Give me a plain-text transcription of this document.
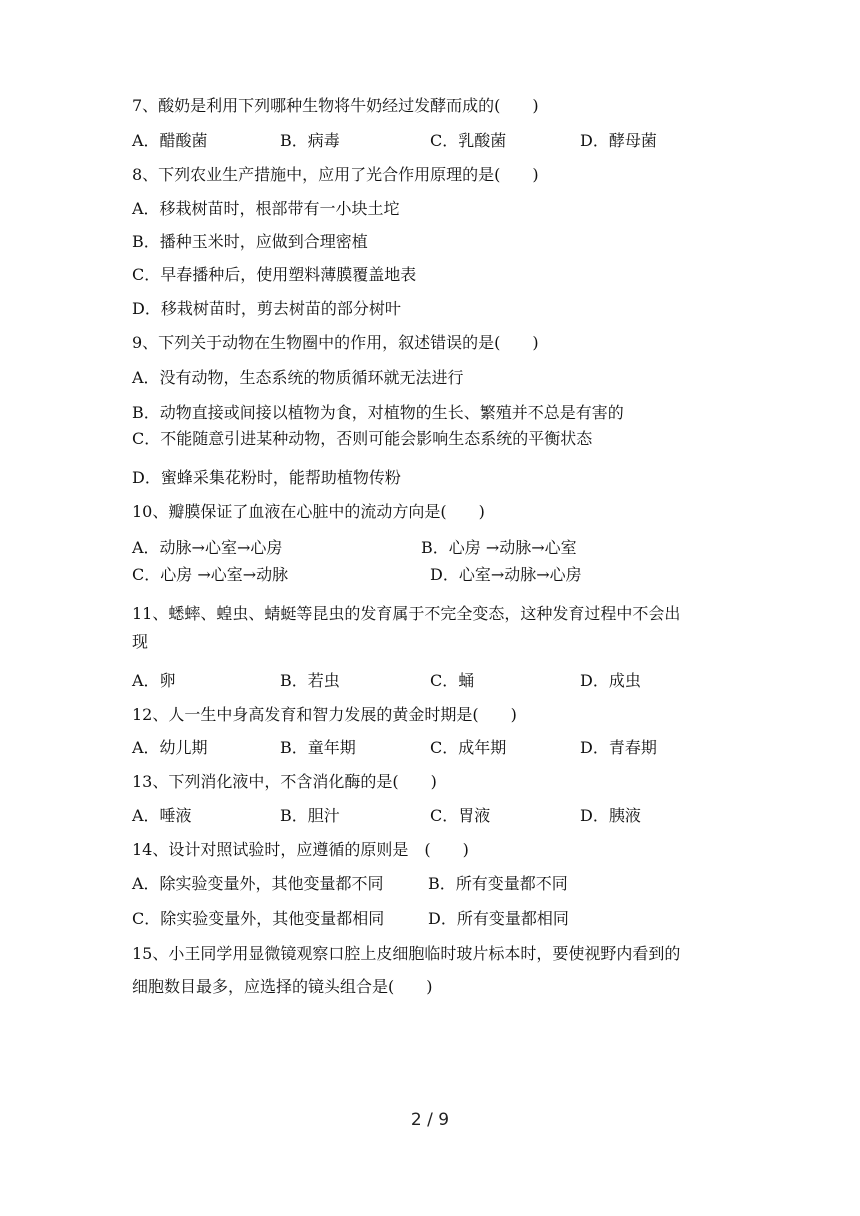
7、酸奶是利用下列哪种生物将牛奶经过发酵而成的(　　)
A．醋酸菌	B．病毒	C．乳酸菌	D．酵母菌
8、下列农业生产措施中，应用了光合作用原理的是(　　)
A．移栽树苗时，根部带有一小块土坨
B．播种玉米时，应做到合理密植
C．早春播种后，使用塑料薄膜覆盖地表
D．移栽树苗时，剪去树苗的部分树叶
9、下列关于动物在生物圈中的作用，叙述错误的是(　　)
A．没有动物，生态系统的物质循环就无法进行
B．动物直接或间接以植物为食，对植物的生长、繁殖并不总是有害的
C．不能随意引进某种动物，否则可能会影响生态系统的平衡状态
D．蜜蜂采集花粉时，能帮助植物传粉
10、瓣膜保证了血液在心脏中的流动方向是(　　)
A．动脉→心室→心房	B．心房 →动脉→心室
C．心房 →心室→动脉	D．心室→动脉→心房
11、蟋蟀、蝗虫、蜻蜓等昆虫的发育属于不完全变态，这种发育过程中不会出
现
A．卵	B．若虫	C．蛹	D．成虫
12、人一生中身高发育和智力发展的黄金时期是(　　)
A．幼儿期	B．童年期	C．成年期	D．青春期
13、下列消化液中，不含消化酶的是(　　)
A．唾液	B．胆汁	C．胃液	D．胰液
14、设计对照试验时，应遵循的原则是　(　　)
A．除实验变量外，其他变量都不同	B．所有变量都不同
C．除实验变量外，其他变量都相同	D．所有变量都相同
15、小王同学用显微镜观察口腔上皮细胞临时玻片标本时，要使视野内看到的
细胞数目最多，应选择的镜头组合是(　　)
2 / 9
